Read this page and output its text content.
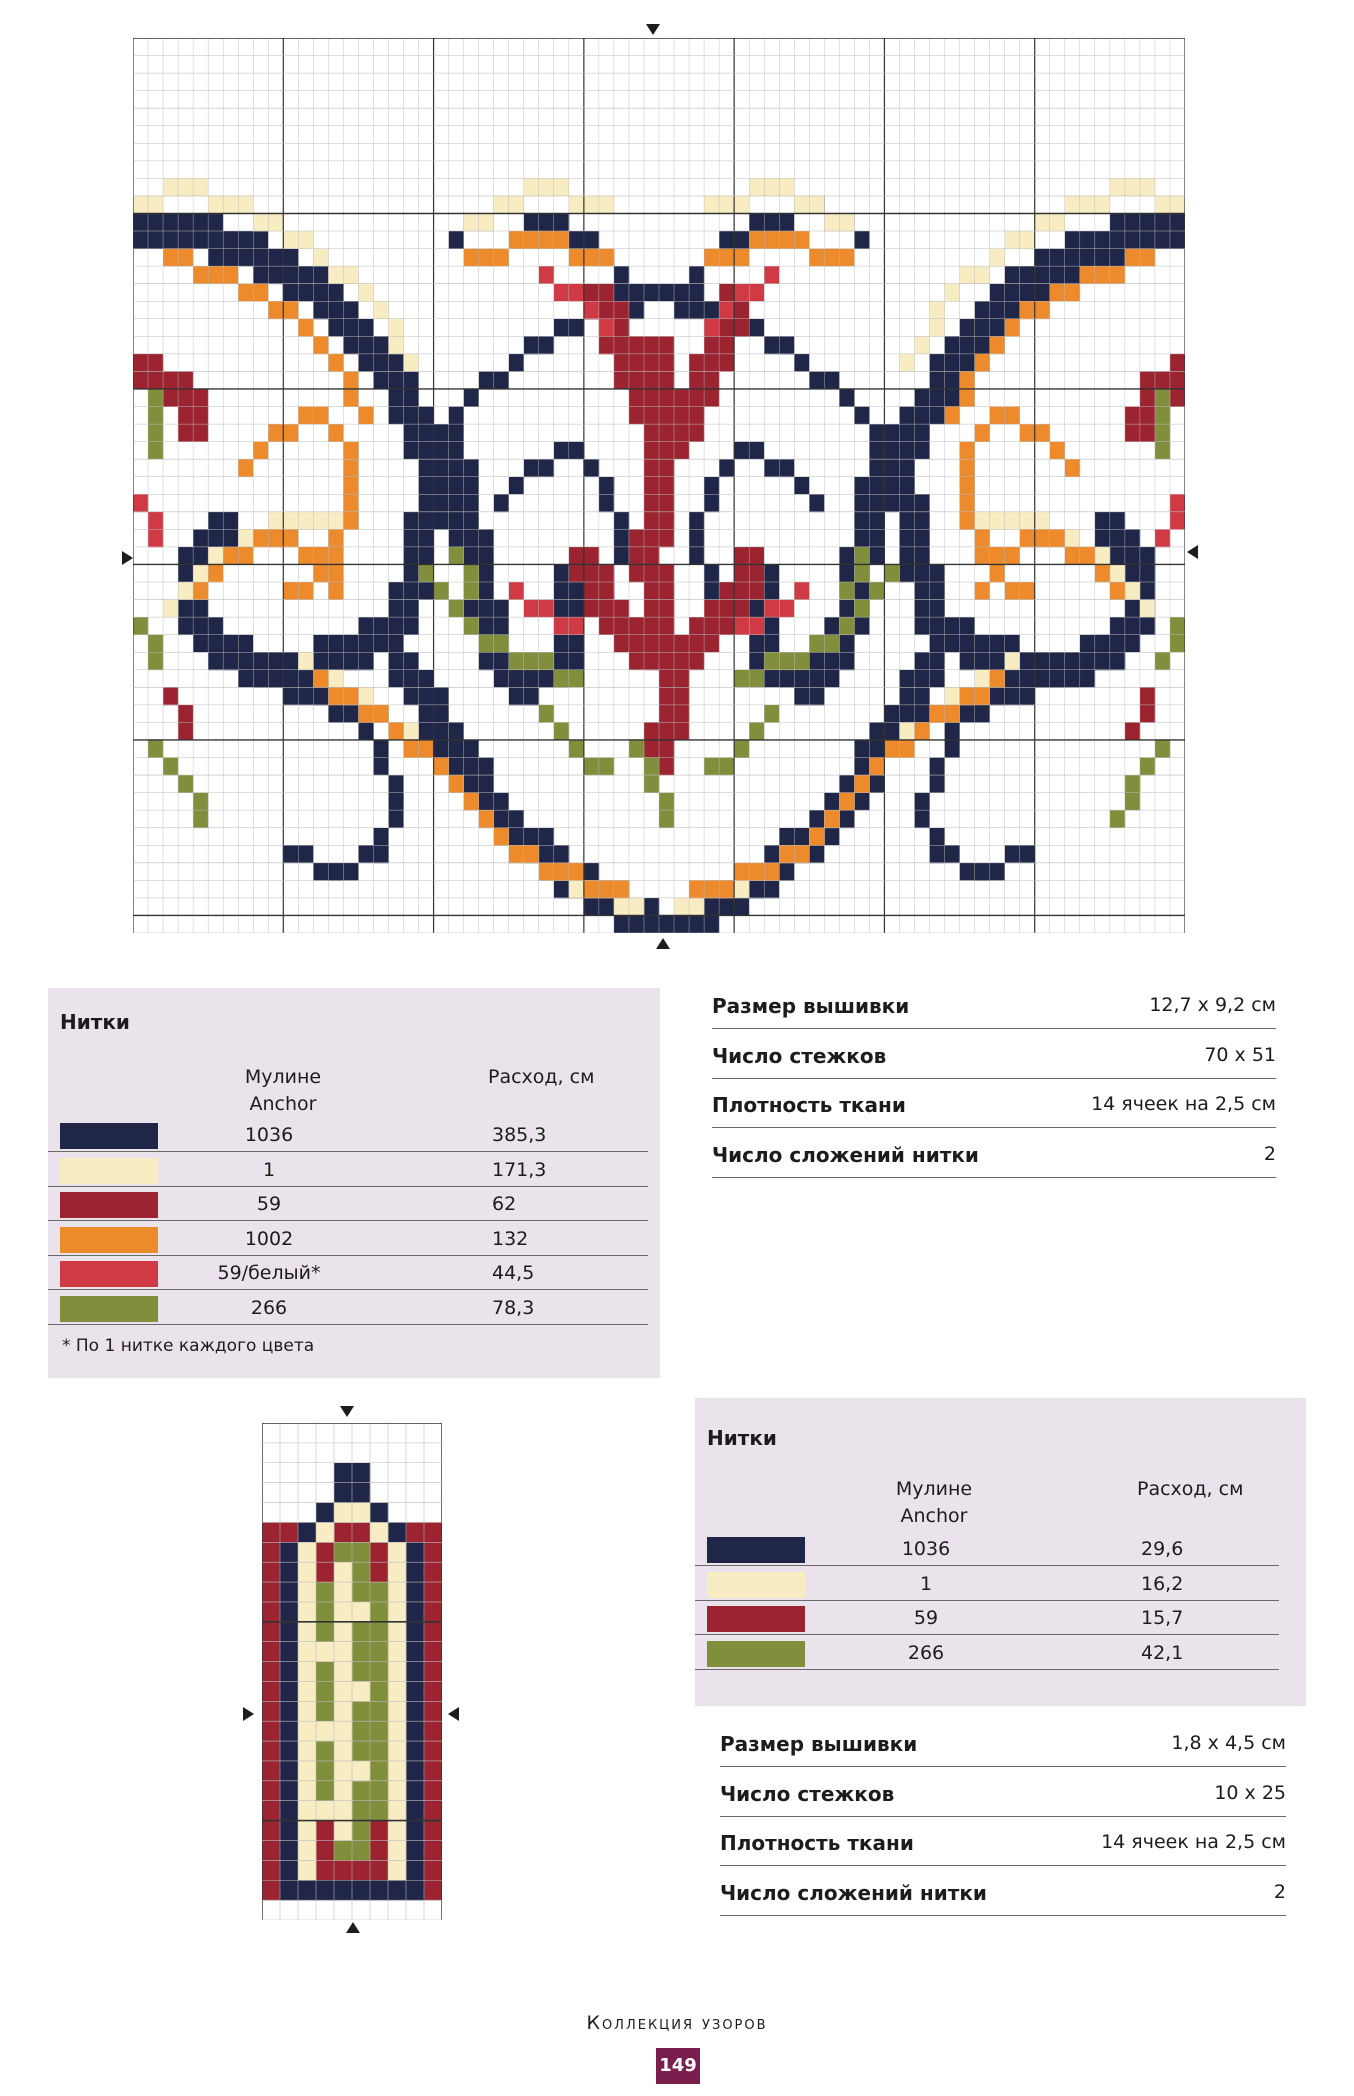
Нитки
Мулине
Anchor
Расход, см
1036	385,3
1	171,3
59	62
1002	132
59/белый*	44,5
266	78,3
* По 1 нитке каждого цвета
Размер вышивки	12,7 x 9,2 см
Число стежков	70 x 51
Плотность ткани	14 ячеек на 2,5 см
Число сложений нитки	2
Нитки
Мулине
Anchor
Расход, см
1036	29,6
1	16,2
59	15,7
266	42,1
Размер вышивки	1,8 x 4,5 см
Число стежков	10 x 25
Плотность ткани	14 ячеек на 2,5 см
Число сложений нитки	2
Коллекция узоров
149
